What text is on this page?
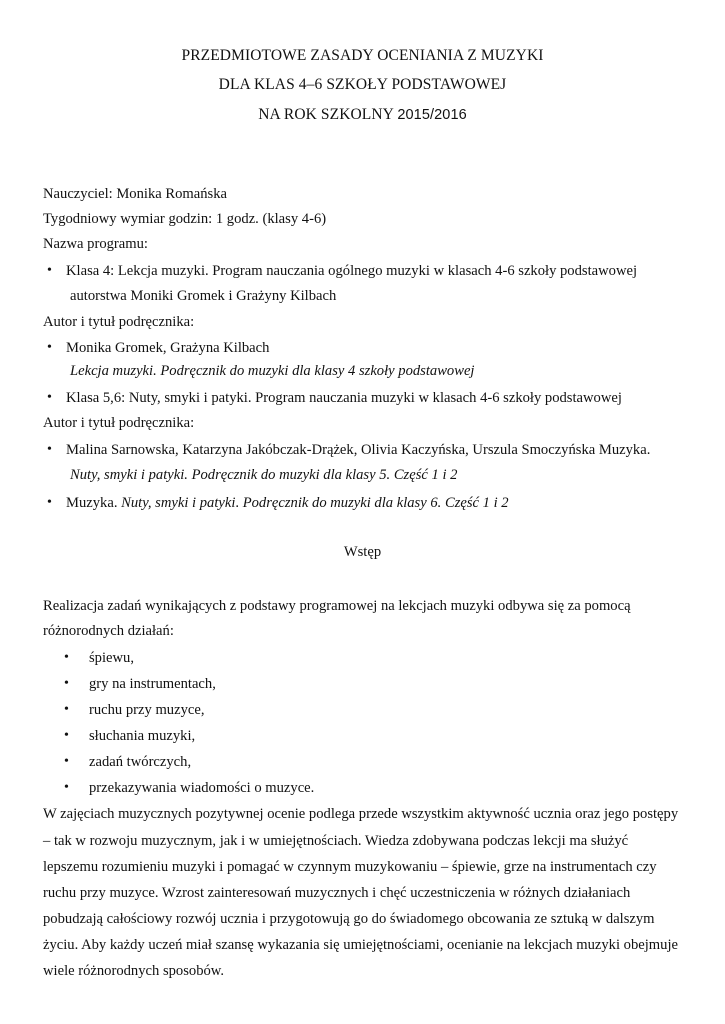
PRZEDMIOTOWE ZASADY OCENIANIA Z MUZYKI
DLA KLAS 4–6 SZKOŁY PODSTAWOWEJ
NA ROK SZKOLNY 2015/2016
Nauczyciel: Monika Romańska
Tygodniowy wymiar godzin: 1 godz. (klasy 4-6)
Nazwa programu:
• Klasa 4: Lekcja muzyki. Program nauczania ogólnego muzyki w klasach 4-6 szkoły podstawowej
autorstwa Moniki Gromek i Grażyny Kilbach
Autor i tytuł podręcznika:
• Monika Gromek, Grażyna Kilbach
Lekcja muzyki. Podręcznik do muzyki dla klasy 4 szkoły podstawowej
• Klasa 5,6: Nuty, smyki i patyki. Program nauczania muzyki w klasach 4-6 szkoły podstawowej
Autor i tytuł podręcznika:
• Malina Sarnowska, Katarzyna Jakóbczak-Drążek, Olivia Kaczyńska, Urszula Smoczyńska Muzyka.
Nuty, smyki i patyki. Podręcznik do muzyki dla klasy 5. Część 1 i 2
• Muzyka. Nuty, smyki i patyki. Podręcznik do muzyki dla klasy 6. Część 1 i 2
Wstęp
Realizacja zadań wynikających z podstawy programowej na lekcjach muzyki odbywa się za pomocą
różnorodnych działań:
• śpiewu,
• gry na instrumentach,
• ruchu przy muzyce,
• słuchania muzyki,
• zadań twórczych,
• przekazywania wiadomości o muzyce.
W zajęciach muzycznych pozytywnej ocenie podlega przede wszystkim aktywność ucznia oraz jego postępy
– tak w rozwoju muzycznym, jak i w umiejętnościach. Wiedza zdobywana podczas lekcji ma służyć
lepszemu rozumieniu muzyki i pomagać w czynnym muzykowaniu – śpiewie, grze na instrumentach czy
ruchu przy muzyce. Wzrost zainteresowań muzycznych i chęć uczestniczenia w różnych działaniach
pobudzają całościowy rozwój ucznia i przygotowują go do świadomego obcowania ze sztuką w dalszym
życiu. Aby każdy uczeń miał szansę wykazania się umiejętnościami, ocenianie na lekcjach muzyki obejmuje
wiele różnorodnych sposobów.
